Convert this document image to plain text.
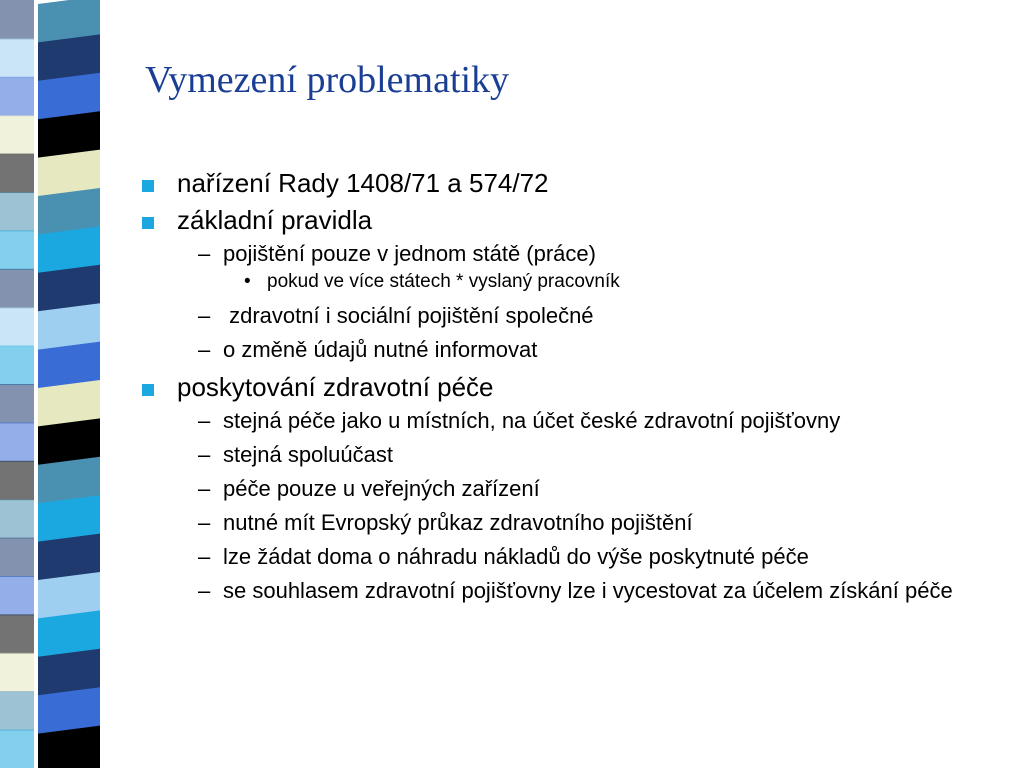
Vymezení problematiky
nařízení Rady 1408/71 a 574/72
základní pravidla
– pojištění pouze v jednom státě (práce)
• pokud ve více státech * vyslaný pracovník
– zdravotní i sociální pojištění společné
– o změně údajů nutné informovat
poskytování zdravotní péče
– stejná péče jako u místních, na účet české zdravotní pojišťovny
– stejná spoluúčast
– péče pouze u veřejných zařízení
– nutné mít Evropský průkaz zdravotního pojištění
– lze žádat doma o náhradu nákladů do výše poskytnuté péče
– se souhlasem zdravotní pojišťovny lze i vycestovat za účelem získání péče
